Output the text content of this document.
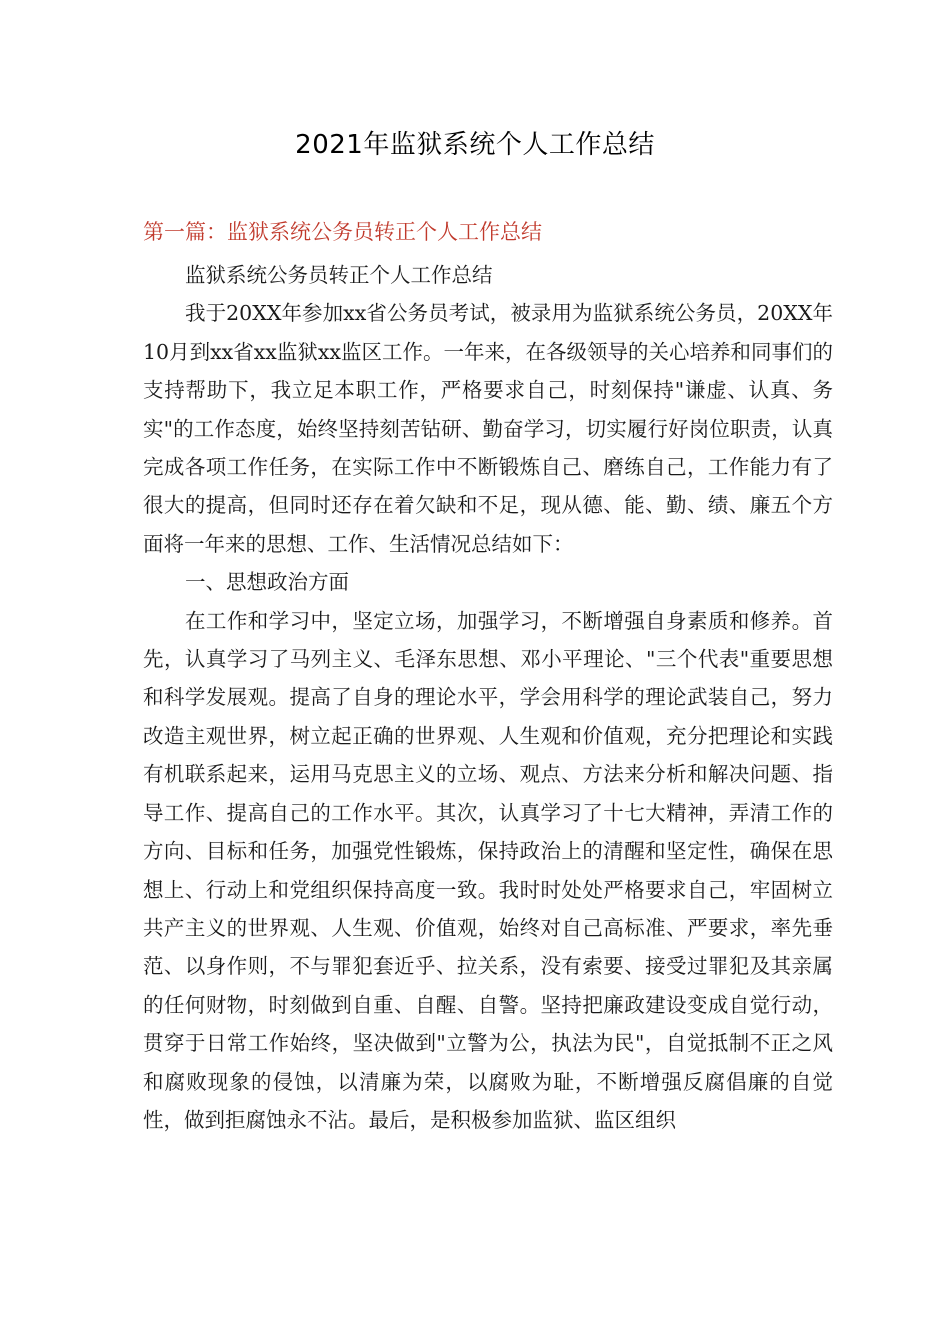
2021年监狱系统个人工作总结
第一篇：监狱系统公务员转正个人工作总结

监狱系统公务员转正个人工作总结

我于20XX年参加xx省公务员考试，被录用为监狱系统公务员，20XX年10月到xx省xx监狱xx监区工作。一年来，在各级领导的关心培养和同事们的支持帮助下，我立足本职工作，严格要求自己，时刻保持"谦虚、认真、务实"的工作态度，始终坚持刻苦钻研、勤奋学习，切实履行好岗位职责，认真完成各项工作任务，在实际工作中不断锻炼自己、磨练自己，工作能力有了很大的提高，但同时还存在着欠缺和不足，现从德、能、勤、绩、廉五个方面将一年来的思想、工作、生活情况总结如下：

一、思想政治方面

在工作和学习中，坚定立场，加强学习，不断增强自身素质和修养。首先，认真学习了马列主义、毛泽东思想、邓小平理论、"三个代表"重要思想和科学发展观。提高了自身的理论水平，学会用科学的理论武装自己，努力改造主观世界，树立起正确的世界观、人生观和价值观，充分把理论和实践有机联系起来，运用马克思主义的立场、观点、方法来分析和解决问题、指导工作、提高自己的工作水平。其次，认真学习了十七大精神，弄清工作的方向、目标和任务，加强党性锻炼，保持政治上的清醒和坚定性，确保在思想上、行动上和党组织保持高度一致。我时时处处严格要求自己，牢固树立共产主义的世界观、人生观、价值观，始终对自己高标准、严要求，率先垂范、以身作则，不与罪犯套近乎、拉关系，没有索要、接受过罪犯及其亲属的任何财物，时刻做到自重、自醒、自警。坚持把廉政建设变成自觉行动，贯穿于日常工作始终，坚决做到"立警为公，执法为民"，自觉抵制不正之风和腐败现象的侵蚀，以清廉为荣，以腐败为耻，不断增强反腐倡廉的自觉性，做到拒腐蚀永不沾。最后，是积极参加监狱、监区组织
